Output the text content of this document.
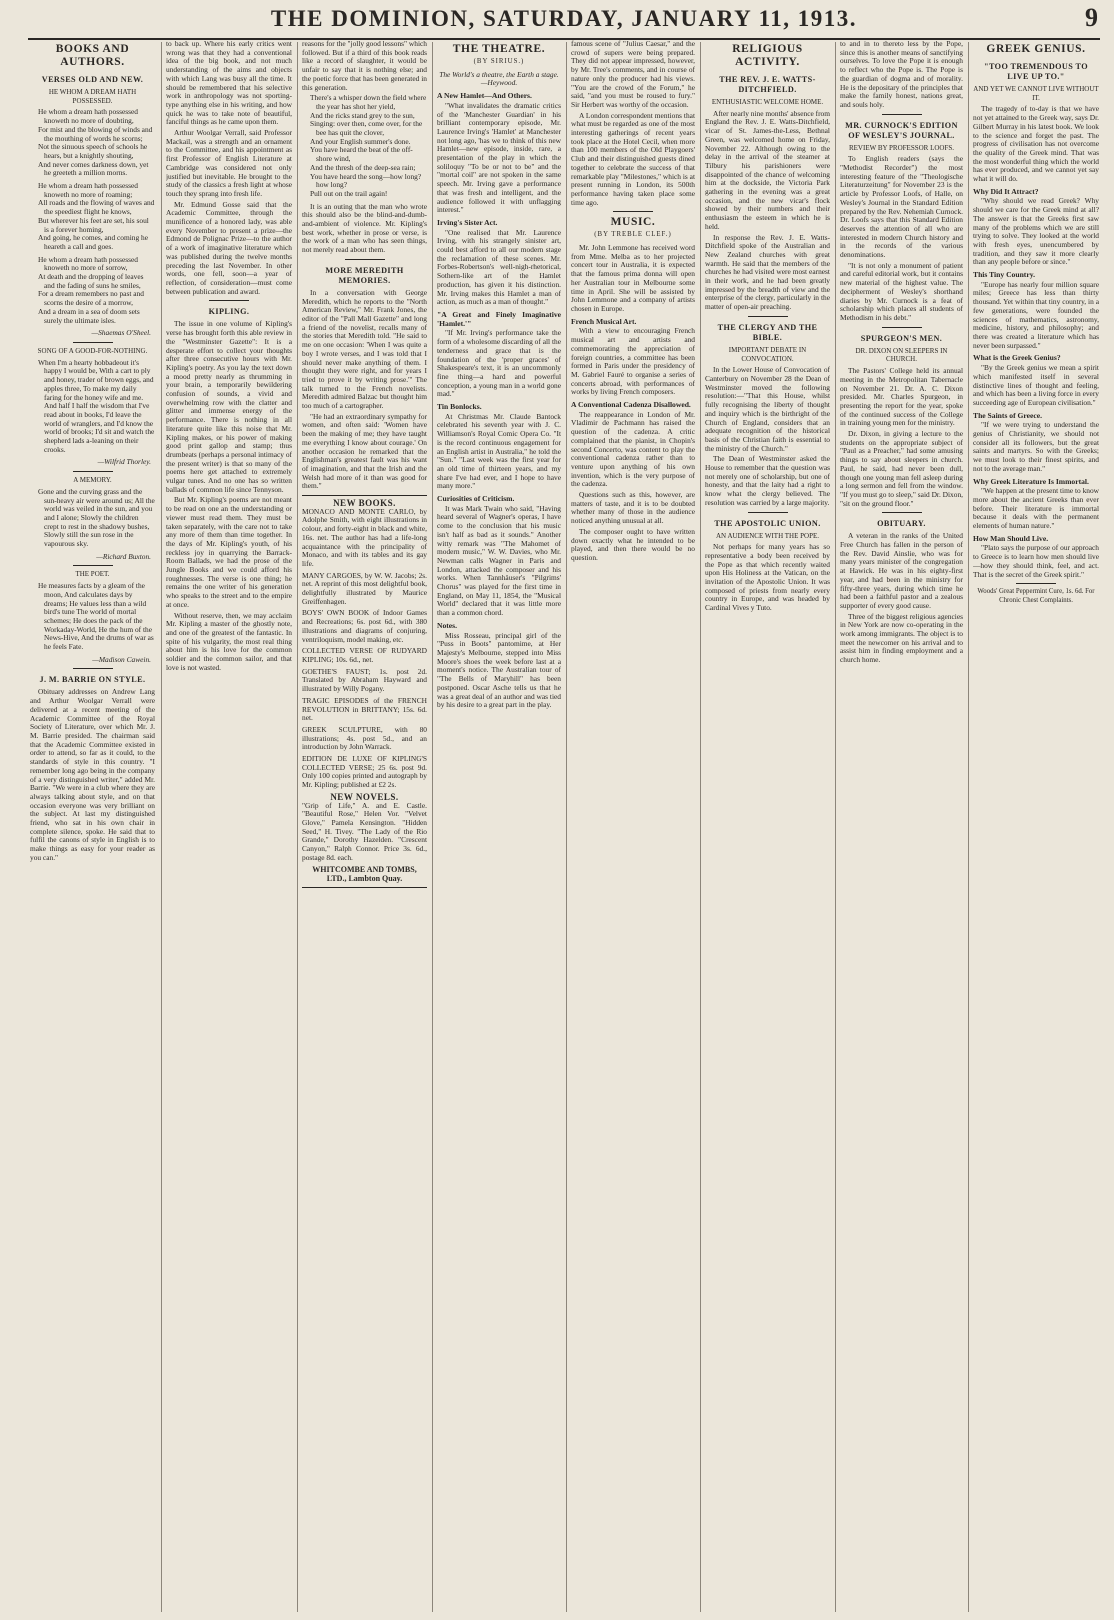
THE DOMINION, SATURDAY, JANUARY 11, 1913.	9
BOOKS AND AUTHORS.
VERSES OLD AND NEW.
HE WHOM A DREAM HATH POSSESSED.

He whom a dream hath possessed knoweth no more of doubting,

For mist and the blowing of winds and the mouthing of words he scorns;

Not the sinuous speech of schools he hears, but a knightly shouting,

And never comes darkness down, yet he greeteth a million morns.

He whom a dream hath possessed knoweth no more of roaming;

All roads and the flowing of waves and the speediest flight he knows,

But wherever his feet are set, his soul is a forever homing,

And going, he comes, and coming he heareth a call and goes.

He whom a dream hath possessed knoweth no more of sorrow,

At death and the dropping of leaves and the fading of suns he smiles,

For a dream remembers no past and scorns the desire of a morrow,

And a dream in a sea of doom sets surely the ultimate isles.

—Shaemas O'Sheel.
SONG OF A GOOD-FOR-NOTHING.

When I'm a hearty hobbadeout it's happy I would be, With a cart to ply and honey, trader of brown eggs, and apples three, To make my daily faring for the honey wife and me. And half I half the wisdom that I've read about in books, I'd leave the world of wranglers, and I'd know the world of brooks; I'd sit and watch the shepherd lads a-leaning on their crooks.

—Wilfrid Thorley.
A MEMORY.

Gone and the curving grass and the sun-heavy air were around us; All the world was veiled in the sun, and you and I alone; Slowly the children crept to rest in the shadowy bushes, Slowly still the sun rose in the vapourous sky.

—Richard Buxton.
THE POET.

He measures facts by a gleam of the moon, And calculates days by dreams; He values less than a wild bird's tune The world of mortal schemes; He does the pack of the Workaday-World, He the hum of the News-Hive, And the drums of war as he feels Fate.

—Madison Cawein.
J. M. BARRIE ON STYLE.

Obituary addresses on Andrew Lang and Arthur Woolgar Verrall were delivered at a recent meeting of the Academic Committee of the Royal Society of Literature, over which Mr. J. M. Barrie presided. The chairman said that the Academic Committee existed in order to attend, so far as it could, to the standards of style in this country. "I remember long ago being in the company of a very distinguished writer," added Mr. Barrie. "We were in a club where they are always talking about style, and on that occasion everyone was very brilliant on the subject. At last my distinguished friend, who sat in his own chair in complete silence, spoke. He said that to fulfil the canons of style in English is to make things as easy for your reader as you can."

to back up. Where his early critics went wrong was that they had a conventional idea of the big book, and not much understanding of the aims and objects with which Lang was busy all the time. It should be remembered that his selective work in anthropology was not sporting-type anything else in his writing, and how quick he was to take note of beautiful, fanciful things as he came upon them.

Arthur Woolgar Verrall, said Professor Mackail, was a strength and an ornament to the Committee, and his appointment as first Professor of English Literature at Cambridge was considered not only justified but inevitable. He brought to the study of the classics a fresh light at whose touch they sprang into fresh life.

Mr. Edmund Gosse said that the Academic Committee, through the munificence of a honored lady, was able every November to present a prize—the Edmond de Polignac Prize—to the author of a work of imaginative literature which was published during the twelve months preceding the last November. In other words, one fell, soon—a year of reflection, of consideration—must come between publication and award.

KIPLING.

The issue in one volume of Kipling's verse has brought forth this able review in the "Westminster Gazette": It is a desperate effort to collect your thoughts after three consecutive hours with Mr. Kipling's poetry. As you lay the text down a mood pretty nearly as thrumming in your brain, a temporarily bewildering confusion of sounds, a vivid and overwhelming row with the clatter and glitter and immense energy of the performance. There is nothing in all literature quite like this noise that Mr. Kipling makes, or his power of making good print gallop and stamp; thus drumbeats (perhaps a personal intimacy of the present writer) is that so many of the poems here get attached to extremely vulgar tunes. And no one has so written ballads of common life since Tennyson.

But Mr. Kipling's poems are not meant to be read on one an the understanding or viewer must read them. They must be taken separately, with the care not to take any more of them than time together. In the days of Mr. Kipling's youth, of his reckless joy in quarrying the Barrack-Room Ballads, we had the prose of the Jungle Books and we could afford his roughnesses. The verse is one thing; he remains the one writer of his generation who speaks to the street and to the empire at once.

Without reserve, then, we may acclaim Mr. Kipling a master of the ghostly note, and one of the greatest of the fantastic. In spite of his vulgarity, the most real thing about him is his love for the common soldier and the common sailor, and that love is not wasted.

reasons for the "jolly good lessons" which followed. But if a third of this book reads like a record of slaughter, it would be unfair to say that it is nothing else; and the poetic force that has been generated in this generation.

There's a whisper down the field where the year has shot her yield,

And the ricks stand grey to the sun,

Singing: over then, come over, for the bee has quit the clover,

And your English summer's done.

You have heard the beat of the off-shore wind,

And the thresh of the deep-sea rain;

You have heard the song—how long? how long?

Pull out on the trail again!

It is an outing that the man who wrote this should also be the blind-and-dumb-and-ambient of violence. Mr. Kipling's best work, whether in prose or verse, is the work of a man who has seen things, not merely read about them.

MORE MEREDITH MEMORIES.

In a conversation with George Meredith, which he reports to the "North American Review," Mr. Frank Jones, the editor of the "Pall Mall Gazette" and long a friend of the novelist, recalls many of the stories that Meredith told. "He said to me on one occasion: 'When I was quite a boy I wrote verses, and I was told that I should never make anything of them. I thought they were right, and for years I tried to prove it by writing prose.'" The talk turned to the French novelists. Meredith admired Balzac but thought him too much of a cartographer.

"He had an extraordinary sympathy for women, and often said: 'Women have been the making of me; they have taught me everything I know about courage.' On another occasion he remarked that the Englishman's greatest fault was his want of imagination, and that the Irish and the Welsh had more of it than was good for them."

NEW BOOKS.

MONACO AND MONTE CARLO, by Adolphe Smith, with eight illustrations in colour, and forty-eight in black and white, 16s. net. The author has had a life-long acquaintance with the principality of Monaco, and with its tables and its gay life.

MANY CARGOES, by W. W. Jacobs; 2s. net. A reprint of this most delightful book, delightfully illustrated by Maurice Greiffenhagen.

BOYS' OWN BOOK of Indoor Games and Recreations; 6s. post 6d., with 380 illustrations and diagrams of conjuring, ventriloquism, model making, etc.

COLLECTED VERSE OF RUDYARD KIPLING; 10s. 6d., net.

GOETHE'S FAUST; 1s. post 2d. Translated by Abraham Hayward and illustrated by Willy Pogany.

TRAGIC EPISODES of the FRENCH REVOLUTION in BRITTANY; 15s. 6d. net.

GREEK SCULPTURE, with 80 illustrations; 4s. post 5d., and an introduction by John Warrack.

EDITION DE LUXE OF KIPLING'S COLLECTED VERSE; 25 6s. post 9d. Only 100 copies printed and autograph by Mr. Kipling; published at £2 2s.

NEW NOVELS.

"Grip of Life," A. and E. Castle. "Beautiful Rose," Helen Vor. "Velvet Glove," Pamela Kensington. "Hidden Seed," H. Tivey. "The Lady of the Rio Grande," Dorothy Hazelden. "Crescent Canyon," Ralph Connor. Price 3s. 6d., postage 8d. each.

WHITCOMBE AND TOMBS, LTD., Lambton Quay.
THE THEATRE.
(BY SIRIUS.)

The World's a theatre, the Earth a stage.—Heywood.

A New Hamlet—And Others.

"What invalidates the dramatic critics of the 'Manchester Guardian' in his brilliant contemporary episode, Mr. Laurence Irving's 'Hamlet' at Manchester not long ago, 'has we to think of this new Hamlet—new episode, inside, rare, a presentation of the play in which the soliloquy "To be or not to be" and the "mortal coil" are not spoken in the same speech. Mr. Irving gave a performance that was fresh and intelligent, and the audience followed it with unflagging interest."

Irving's Sister Act.

"One realised that Mr. Laurence Irving, with his strangely sinister art, could best afford to all our modern stage the reclamation of these scenes. Mr. Forbes-Robertson's well-nigh-rhetorical, Sothern-like art of the Hamlet production, has given it his distinction. Mr. Irving makes this Hamlet a man of action, as much as a man of thought."

"A Great and Finely Imaginative 'Hamlet.'"

"If Mr. Irving's performance take the form of a wholesome discarding of all the tenderness and grace that is the foundation of the 'proper graces' of Shakespeare's text, it is an uncommonly fine thing—a hard and powerful conception, a young man in a world gone mad."

Tin Bonlocks.

At Christmas Mr. Claude Bantock celebrated his seventh year with J. C. Williamson's Royal Comic Opera Co. "It is the record continuous engagement for an English artist in Australia," he told the "Sun." "Last week was the first year for an old time of thirteen years, and my share I've had ever, and I hope to have many more."

Curiosities of Criticism.

It was Mark Twain who said, "Having heard several of Wagner's operas, I have come to the conclusion that his music isn't half as bad as it sounds." Another witty remark was "The Mahomet of modern music," W. W. Davies, who Mr. Newman calls Wagner in Paris and London, attacked the composer and his works. When Tannhäuser's "Pilgrims' Chorus" was played for the first time in England, on May 11, 1854, the "Musical World" declared that it was little more than a common chord.

Notes.

Miss Rosseau, principal girl of the "Puss in Boots" pantomime, at Her Majesty's Melbourne, stepped into Miss Moore's shoes the week before last at a moment's notice. The Australian tour of "The Bells of Maryhill" has been postponed. Oscar Asche tells us that he was a great deal of an author and was tied by his desire to a great part in the play.

famous scene of "Julius Caesar," and the crowd of supers were being prepared. They did not appear impressed, however, by Mr. Tree's comments, and in course of nature only the producer had his views. "You are the crowd of the Forum," he said, "and you must be roused to fury." Sir Herbert was worthy of the occasion.

A London correspondent mentions that what must be regarded as one of the most interesting gatherings of recent years took place at the Hotel Cecil, when more than 100 members of the Old Playgoers' Club and their distinguished guests dined together to celebrate the success of that remarkable play "Milestones," which is at present running in London, its 500th performance having taken place some time ago.

MUSIC.
(BY TREBLE CLEF.)

Mr. John Lemmone has received word from Mme. Melba as to her projected concert tour in Australia, it is expected that the famous prima donna will open her Australian tour in Melbourne some time in April. She will be assisted by John Lemmone and a company of artists chosen in Europe.

French Musical Art.

With a view to encouraging French musical art and artists and commemorating the appreciation of foreign countries, a committee has been formed in Paris under the presidency of M. Gabriel Fauré to organise a series of concerts abroad, with performances of works by living French composers.

A Conventional Cadenza Disallowed.

The reappearance in London of Mr. Vladimir de Pachmann has raised the question of the cadenza. A critic complained that the pianist, in Chopin's second Concerto, was content to play the conventional cadenza rather than to venture upon anything of his own invention, which is the very purpose of the cadenza.

Questions such as this, however, are matters of taste, and it is to be doubted whether many of those in the audience noticed anything unusual at all.

The composer ought to have written down exactly what he intended to be played, and then there would be no question.

RELIGIOUS ACTIVITY.
THE REV. J. E. WATTS-DITCHFIELD.
ENTHUSIASTIC WELCOME HOME.

After nearly nine months' absence from England the Rev. J. E. Watts-Ditchfield, vicar of St. James-the-Less, Bethnal Green, was welcomed home on Friday, November 22. Although owing to the delay in the arrival of the steamer at Tilbury his parishioners were disappointed of the chance of welcoming him at the dockside, the Victoria Park gathering in the evening was a great occasion, and the new vicar's flock showed by their numbers and their enthusiasm the esteem in which he is held.

In response the Rev. J. E. Watts-Ditchfield spoke of the Australian and New Zealand churches with great warmth. He said that the members of the churches he had visited were most earnest in their work, and he had been greatly impressed by the breadth of view and the enterprise of the clergy, particularly in the matter of open-air preaching.

THE CLERGY AND THE BIBLE.
IMPORTANT DEBATE IN CONVOCATION.

In the Lower House of Convocation of Canterbury on November 28 the Dean of Westminster moved the following resolution:—"That this House, whilst fully recognising the liberty of thought and inquiry which is the birthright of the Church of England, considers that an adequate recognition of the historical basis of the Christian faith is essential to the ministry of the Church."

The Dean of Westminster asked the House to remember that the question was not merely one of scholarship, but one of honesty, and that the laity had a right to know what the clergy believed. The resolution was carried by a large majority.

THE APOSTOLIC UNION.
AN AUDIENCE WITH THE POPE.

Not perhaps for many years has so representative a body been received by the Pope as that which recently waited upon His Holiness at the Vatican, on the invitation of the Apostolic Union. It was composed of priests from nearly every country in Europe, and was headed by Cardinal Vives y Tuto.

to and in to thereto less by the Pope, since this is another means of sanctifying ourselves. To love the Pope it is enough to reflect who the Pope is. The Pope is the guardian of dogma and of morality. He is the depositary of the principles that make the family honest, nations great, and souls holy.

MR. CURNOCK'S EDITION OF WESLEY'S JOURNAL.
REVIEW BY PROFESSOR LOOFS.

To English readers (says the "Methodist Recorder") the most interesting feature of the "Theologische Literaturzeitung" for November 23 is the article by Professor Loofs, of Halle, on Wesley's Journal in the Standard Edition prepared by the Rev. Nehemiah Curnock. Dr. Loofs says that this Standard Edition deserves the attention of all who are interested in modern Church history and in the records of the various denominations.

"It is not only a monument of patient and careful editorial work, but it contains new material of the highest value. The decipherment of Wesley's shorthand diaries by Mr. Curnock is a feat of scholarship which places all students of Methodism in his debt."

SPURGEON'S MEN.
DR. DIXON ON SLEEPERS IN CHURCH.

The Pastors' College held its annual meeting in the Metropolitan Tabernacle on November 21. Dr. A. C. Dixon presided. Mr. Charles Spurgeon, in presenting the report for the year, spoke of the continued success of the College in training young men for the ministry.

Dr. Dixon, in giving a lecture to the students on the appropriate subject of "Paul as a Preacher," had some amusing things to say about sleepers in church. Paul, he said, had never been dull, though one young man fell asleep during a long sermon and fell from the window. "If you must go to sleep," said Dr. Dixon, "sit on the ground floor."

OBITUARY.

A veteran in the ranks of the United Free Church has fallen in the person of the Rev. David Ainslie, who was for many years minister of the congregation at Hawick. He was in his eighty-first year, and had been in the ministry for fifty-three years, during which time he had been a faithful pastor and a zealous supporter of every good cause.

Three of the biggest religious agencies in New York are now co-operating in the work among immigrants. The object is to meet the newcomer on his arrival and to assist him in finding employment and a church home.

GREEK GENIUS.
"TOO TREMENDOUS TO LIVE UP TO."
AND YET WE CANNOT LIVE WITHOUT IT.

The tragedy of to-day is that we have not yet attained to the Greek way, says Dr. Gilbert Murray in his latest book. We look to the science and forget the past. The progress of civilisation has not overcome the quality of the Greek mind. That was the most wonderful thing which the world has ever produced, and we cannot yet say what it will do.

Why Did It Attract?

"Why should we read Greek? Why should we care for the Greek mind at all? The answer is that the Greeks first saw many of the problems which we are still trying to solve. They looked at the world with fresh eyes, unencumbered by tradition, and they saw it more clearly than any people before or since."

This Tiny Country.

"Europe has nearly four million square miles; Greece has less than thirty thousand. Yet within that tiny country, in a few generations, were founded the sciences of mathematics, astronomy, medicine, history, and philosophy; and there was created a literature which has never been surpassed."

What is the Greek Genius?

"By the Greek genius we mean a spirit which manifested itself in several distinctive lines of thought and feeling, and which has been a living force in every succeeding age of European civilisation."

The Saints of Greece.

"If we were trying to understand the genius of Christianity, we should not consider all its followers, but the great saints and martyrs. So with the Greeks; we must look to their finest spirits, and not to the average man."

Why Greek Literature Is Immortal.

"We happen at the present time to know more about the ancient Greeks than ever before. Their literature is immortal because it deals with the permanent elements of human nature."

How Man Should Live.

"Plato says the purpose of our approach to Greece is to learn how men should live—how they should think, feel, and act. That is the secret of the Greek spirit."

Woods' Great Peppermint Cure, 1s. 6d. For Chronic Chest Complaints.
